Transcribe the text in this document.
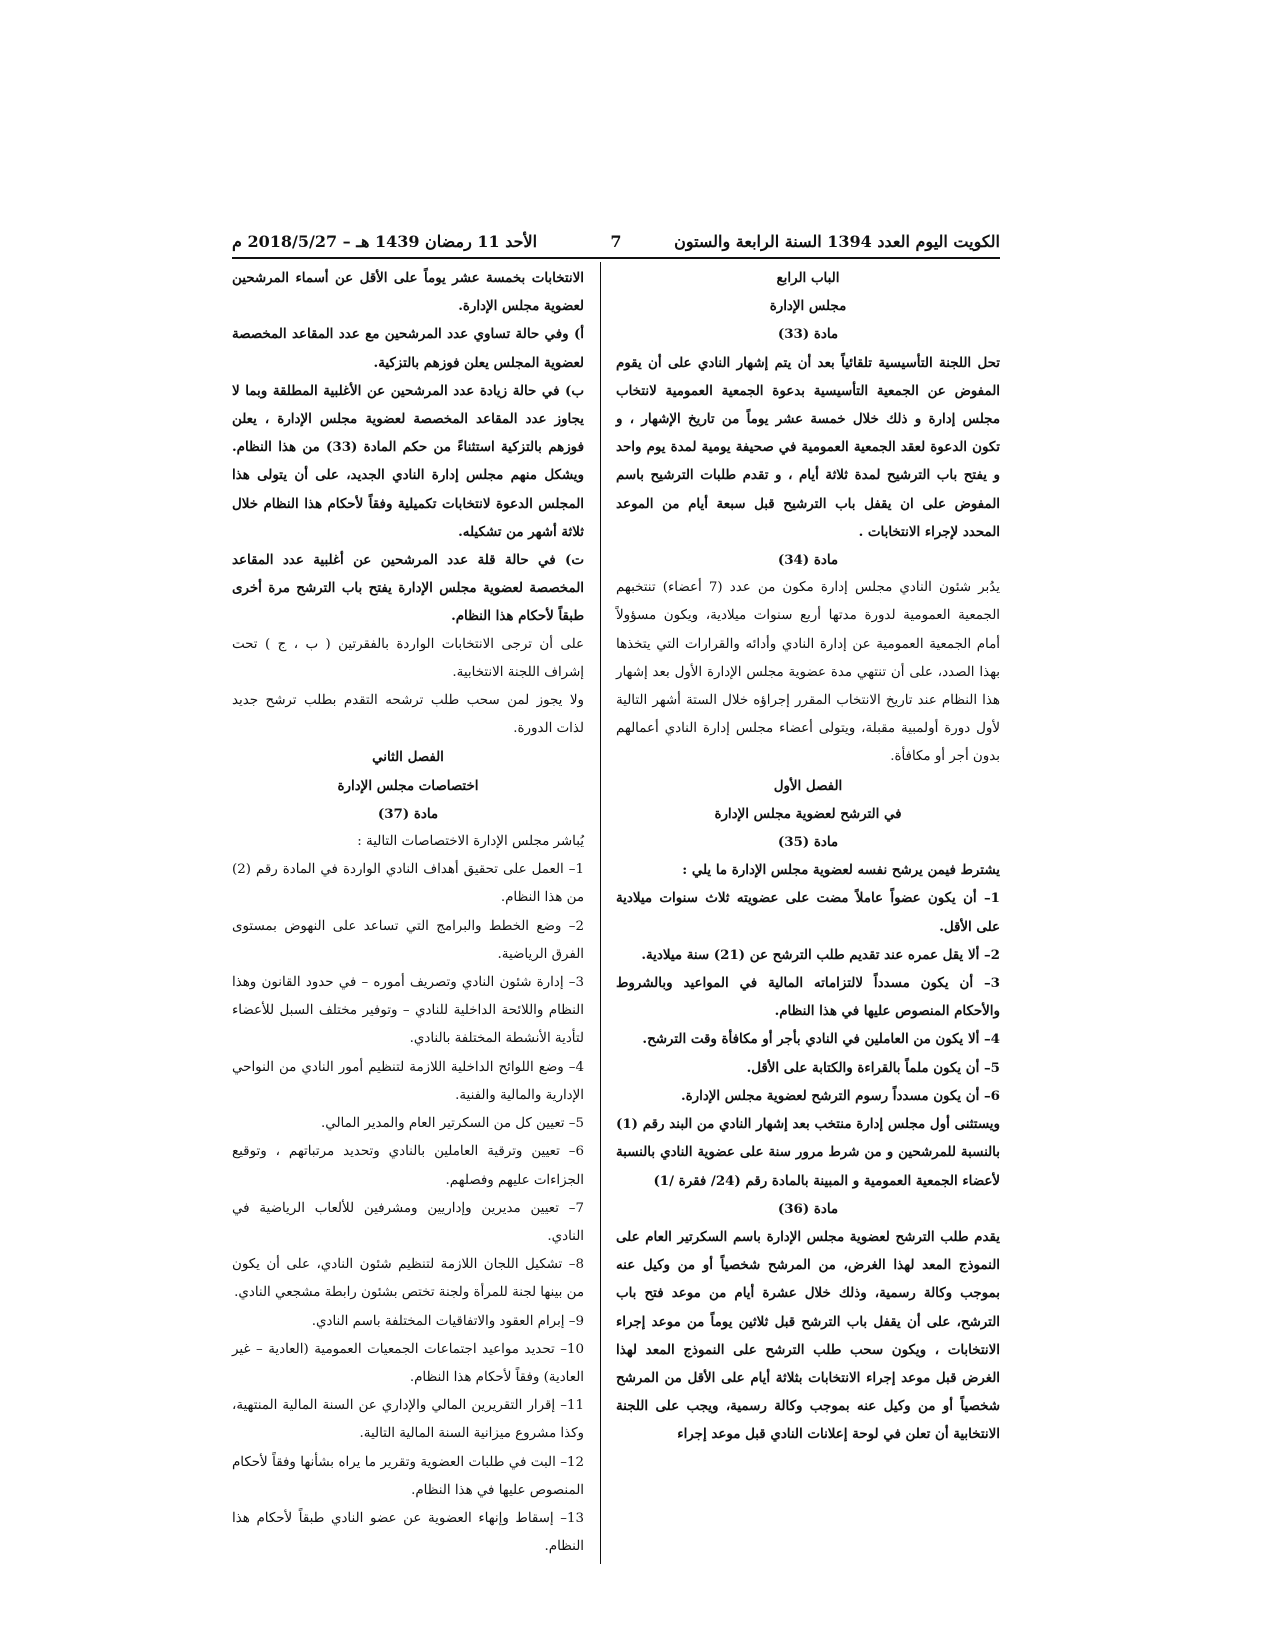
الكويت اليوم العدد 1394 السنة الرابعة والستون
7
الأحد 11 رمضان 1439 هـ – 2018/5/27 م

الباب الرابع

مجلس الإدارة

مادة (33)

تحل اللجنة التأسيسية تلقائياً بعد أن يتم إشهار النادي على أن يقوم المفوض عن الجمعية التأسيسية بدعوة الجمعية العمومية لانتخاب مجلس إدارة و ذلك خلال خمسة عشر يوماً من تاريخ الإشهار ، و تكون الدعوة لعقد الجمعية العمومية في صحيفة يومية لمدة يوم واحد و يفتح باب الترشيح لمدة ثلاثة أيام ، و تقدم طلبات الترشيح باسم المفوض على ان يقفل باب الترشيح قبل سبعة أيام من الموعد المحدد لإجراء الانتخابات .

مادة (34)

يدُبر شئون النادي مجلس إدارة مكون من عدد (7 أعضاء) تنتخبهم الجمعية العمومية لدورة مدتها أربع سنوات ميلادية، ويكون مسؤولاً أمام الجمعية العمومية عن إدارة النادي وأدائه والقرارات التي يتخذها بهذا الصدد، على أن تنتهي مدة عضوية مجلس الإدارة الأول بعد إشهار هذا النظام عند تاريخ الانتخاب المقرر إجراؤه خلال الستة أشهر التالية لأول دورة أولمبية مقبلة، ويتولى أعضاء مجلس إدارة النادي أعمالهم بدون أجر أو مكافأة.

الفصل الأول

في الترشح لعضوية مجلس الإدارة

مادة (35)

يشترط فيمن يرشح نفسه لعضوية مجلس الإدارة ما يلي :

1– أن يكون عضواً عاملاً مضت على عضويته ثلاث سنوات ميلادية على الأقل.

2– ألا يقل عمره عند تقديم طلب الترشح عن (21) سنة ميلادية.

3– أن يكون مسدداً لالتزاماته المالية في المواعيد وبالشروط والأحكام المنصوص عليها في هذا النظام.

4– ألا يكون من العاملين في النادي بأجر أو مكافأة وقت الترشح.

5– أن يكون ملماً بالقراءة والكتابة على الأقل.

6– أن يكون مسدداً رسوم الترشح لعضوية مجلس الإدارة.

ويستثنى أول مجلس إدارة منتخب بعد إشهار النادي من البند رقم (1) بالنسبة للمرشحين و من شرط مرور سنة على عضوية النادي بالنسبة لأعضاء الجمعية العمومية و المبينة بالمادة رقم (24/ فقرة /1)

مادة (36)

يقدم طلب الترشح لعضوية مجلس الإدارة باسم السكرتير العام على النموذج المعد لهذا الغرض، من المرشح شخصياً أو من وكيل عنه بموجب وكالة رسمية، وذلك خلال عشرة أيام من موعد فتح باب الترشح، على أن يقفل باب الترشح قبل ثلاثين يوماً من موعد إجراء الانتخابات ، ويكون سحب طلب الترشح على النموذج المعد لهذا الغرض قبل موعد إجراء الانتخابات بثلاثة أيام على الأقل من المرشح شخصياً أو من وكيل عنه بموجب وكالة رسمية، ويجب على اللجنة الانتخابية أن تعلن في لوحة إعلانات النادي قبل موعد إجراء

الانتخابات بخمسة عشر يوماً على الأقل عن أسماء المرشحين لعضوية مجلس الإدارة.

أ) وفي حالة تساوي عدد المرشحين مع عدد المقاعد المخصصة لعضوية المجلس يعلن فوزهم بالتزكية.

ب) في حالة زيادة عدد المرشحين عن الأغلبية المطلقة وبما لا يجاوز عدد المقاعد المخصصة لعضوية مجلس الإدارة ، يعلن فوزهم بالتزكية استثناءً من حكم المادة (33) من هذا النظام. ويشكل منهم مجلس إدارة النادي الجديد، على أن يتولى هذا المجلس الدعوة لانتخابات تكميلية وفقاً لأحكام هذا النظام خلال ثلاثة أشهر من تشكيله.

ت) في حالة قلة عدد المرشحين عن أغلبية عدد المقاعد المخصصة لعضوية مجلس الإدارة يفتح باب الترشح مرة أخرى طبقاً لأحكام هذا النظام.

على أن ترجى الانتخابات الواردة بالفقرتين ( ب ، ج ) تحت إشراف اللجنة الانتخابية.

ولا يجوز لمن سحب طلب ترشحه التقدم بطلب ترشح جديد لذات الدورة.

الفصل الثاني

اختصاصات مجلس الإدارة

مادة (37)

يُباشر مجلس الإدارة الاختصاصات التالية :

1– العمل على تحقيق أهداف النادي الواردة في المادة رقم (2) من هذا النظام.

2– وضع الخطط والبرامج التي تساعد على النهوض بمستوى الفرق الرياضية.

3– إدارة شئون النادي وتصريف أموره – في حدود القانون وهذا النظام واللائحة الداخلية للنادي – وتوفير مختلف السبل للأعضاء لتأدية الأنشطة المختلفة بالنادي.

4– وضع اللوائح الداخلية اللازمة لتنظيم أمور النادي من النواحي الإدارية والمالية والفنية.

5– تعيين كل من السكرتير العام والمدير المالي.

6– تعيين وترقية العاملين بالنادي وتحديد مرتباتهم ، وتوقيع الجزاءات عليهم وفصلهم.

7– تعيين مديرين وإداريين ومشرفين للألعاب الرياضية في النادي.

8– تشكيل اللجان اللازمة لتنظيم شئون النادي، على أن يكون من بينها لجنة للمرأة ولجنة تختص بشئون رابطة مشجعي النادي.

9– إبرام العقود والاتفاقيات المختلفة باسم النادي.

10– تحديد مواعيد اجتماعات الجمعيات العمومية (العادية – غير العادية) وفقاً لأحكام هذا النظام.

11– إقرار التقريرين المالي والإداري عن السنة المالية المنتهية، وكذا مشروع ميزانية السنة المالية التالية.

12– البت في طلبات العضوية وتقرير ما يراه بشأنها وفقاً لأحكام المنصوص عليها في هذا النظام.

13– إسقاط وإنهاء العضوية عن عضو النادي طبقاً لأحكام هذا النظام.
